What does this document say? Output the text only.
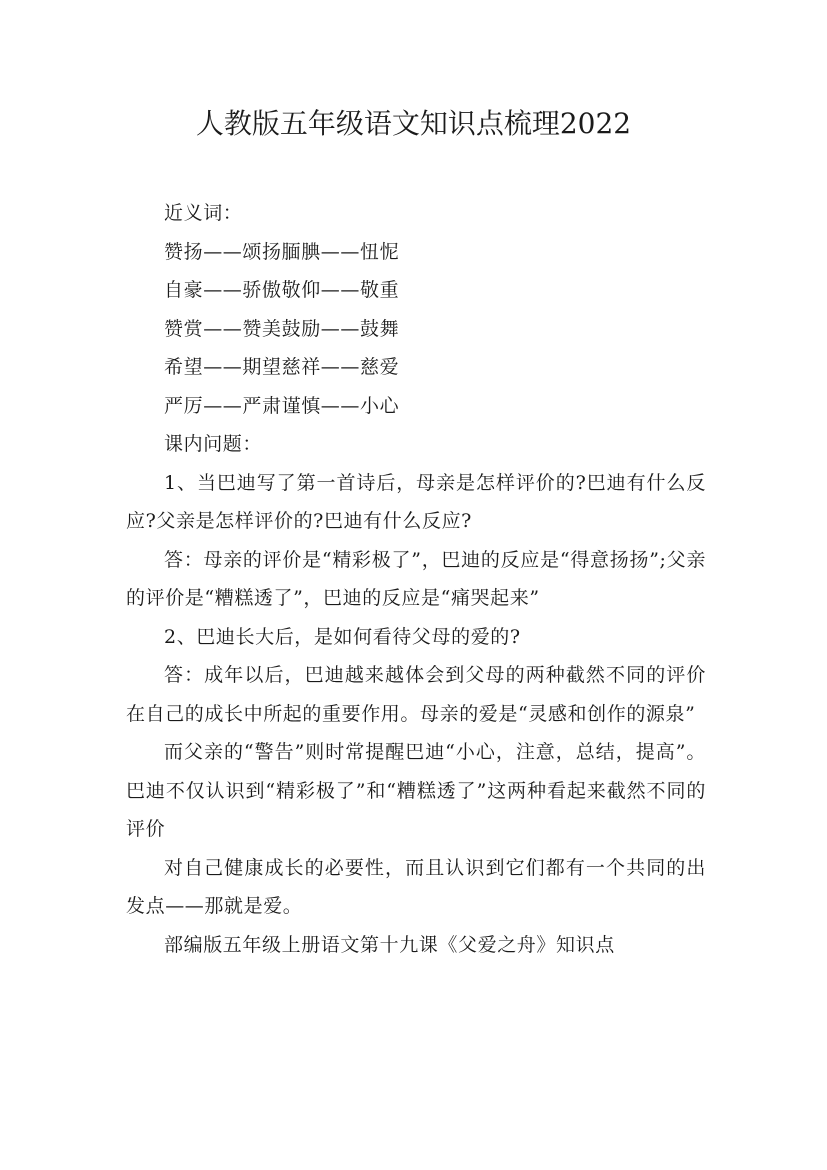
人教版五年级语文知识点梳理2022

近义词：

赞扬——颂扬腼腆——忸怩

自豪——骄傲敬仰——敬重

赞赏——赞美鼓励——鼓舞

希望——期望慈祥——慈爱

严厉——严肃谨慎——小心

课内问题：

1、当巴迪写了第一首诗后，母亲是怎样评价的?巴迪有什么反应?父亲是怎样评价的?巴迪有什么反应?

答：母亲的评价是“精彩极了”，巴迪的反应是“得意扬扬”;父亲的评价是“糟糕透了”，巴迪的反应是“痛哭起来”

2、巴迪长大后，是如何看待父母的爱的?

答：成年以后，巴迪越来越体会到父母的两种截然不同的评价在自己的成长中所起的重要作用。母亲的爱是“灵感和创作的源泉”

而父亲的“警告”则时常提醒巴迪“小心，注意，总结，提高”。巴迪不仅认识到“精彩极了”和“糟糕透了”这两种看起来截然不同的评价

对自己健康成长的必要性，而且认识到它们都有一个共同的出发点——那就是爱。

部编版五年级上册语文第十九课《父爱之舟》知识点
